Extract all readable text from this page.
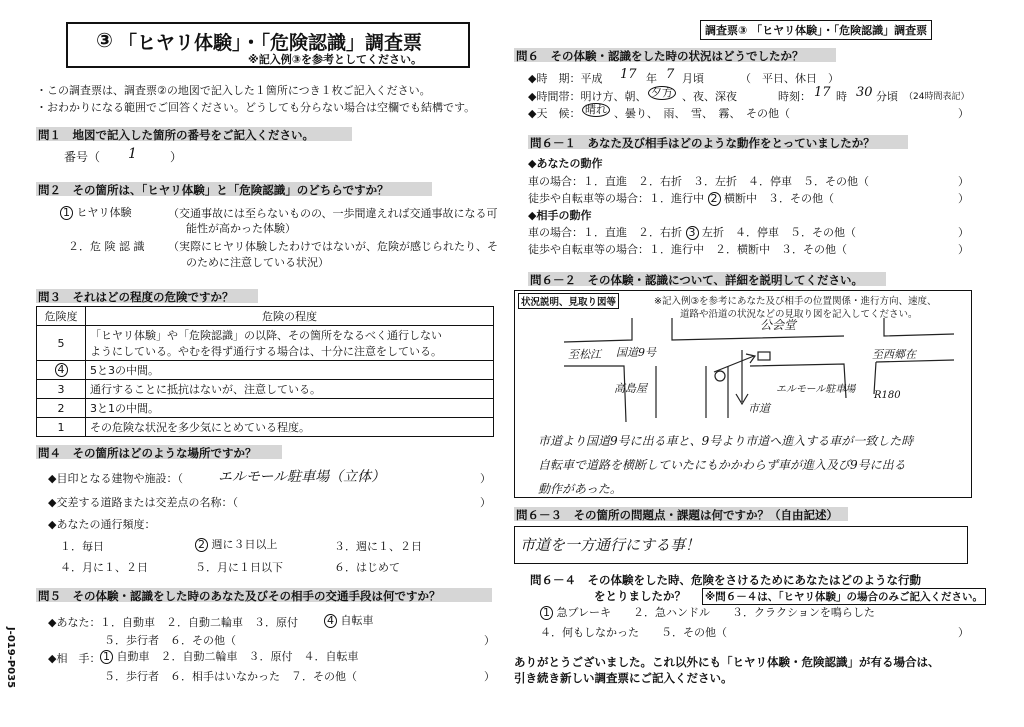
③ 「ヒヤリ体験」・「危険認識」調査票
※記入例③を参考としてください。
調査票③ 「ヒヤリ体験」・「危険認識」調査票
J-019-P035
・この調査票は、調査票②の地図で記入した１箇所につき１枚ご記入ください。
・おわかりになる範囲でご回答ください。どうしても分らない場合は空欄でも結構です。
問１　地図で記入した箇所の番号をご記入ください。
番号（ 1	）
問２　その箇所は、「ヒヤリ体験」と「危険認識」のどちらですか？
1 ヒヤリ体験	（交通事故には至らないものの、一歩間違えれば交通事故になる可
能性が高かった体験）
２．危 険 認 識 （実際にヒヤリ体験したわけではないが、危険が感じられたり、そ
のために注意している状況）
問３　それはどの程度の危険ですか？
危険度	危険の程度
5	「ヒヤリ体験」や「危険認識」の以降、その箇所をなるべく通行しない
ようにしている。やむを得ず通行する場合は、十分に注意をしている。

4	5と3の中間。
3	通行することに抵抗はないが、注意している。
2	3と1の中間。
1	その危険な状況を多少気にとめている程度。
問４　その箇所はどのような場所ですか？
◆目印となる建物や施設：（	エルモール駐車場（立体）	）
◆交差する道路または交差点の名称：（	）
◆あなたの通行頻度：
１．毎日	2 週に３日以上	３．週に１、２日
４．月に１、２日	５．月に１日以下	６．はじめて
問５　その体験・認識をした時のあなた及びその相手の交通手段は何ですか？
◆あなた： １．自動車　２．自動二輪車　３．原付	4 自転車
５．歩行者　６．その他（	）
◆相　手： 1 自動車　２．自動二輪車　３．原付　４．自転車
５．歩行者　６．相手はいなかった　７．その他（	）
問６　その体験・認識をした時の状況はどうでしたか？
◆時　期：平成 17 年 7 月頃	（　平日、休日　）
◆時間帯：明け方、朝、 夕方 、夜、深夜	時刻： 17 時 30 分頃 （24時間表記）
◆天　候： 晴れ 、曇り、　雨、　雪、　霧、　その他（	）
問６－１　あなた及び相手はどのような動作をとっていましたか？
◆あなたの動作
車の場合：１．直進　２．右折　３．左折　４．停車　５．その他（	）
徒歩や自転車等の場合：１．進行中 2 横断中　３．その他（	）
◆相手の動作
車の場合：１．直進　２．右折 3 左折　４．停車　５．その他（	）
徒歩や自転車等の場合：１．進行中　２．横断中　３．その他（	）
問６－２　その体験・認識について、詳細を説明してください。
状況説明、見取り図等	※記入例③を参考にあなた及び相手の位置関係・進行方向、速度、
道路や沿道の状況などの見取り図を記入してください。
公会堂
至松江 国道9号	至西郷在
高島屋
市道
エルモール駐車場
R180
市道より国道9号に出る車と、9号より市道へ進入する車が一致した時
自転車で道路を横断していたにもかかわらず車が進入及び9号に出る
動作があった。
問６－３　その箇所の問題点・課題は何ですか？（自由記述）
市道を一方通行にする事！
問６－４　その体験をした時、危険をさけるためにあなたはどのような行動
をとりましたか？ ※問６－４は、「ヒヤリ体験」の場合のみご記入ください。
1 急ブレーキ　　２．急ハンドル　　３．クラクションを鳴らした
４．何もしなかった　　５．その他（	）
ありがとうございました。これ以外にも「ヒヤリ体験・危険認識」が有る場合は、
引き続き新しい調査票にご記入ください。
